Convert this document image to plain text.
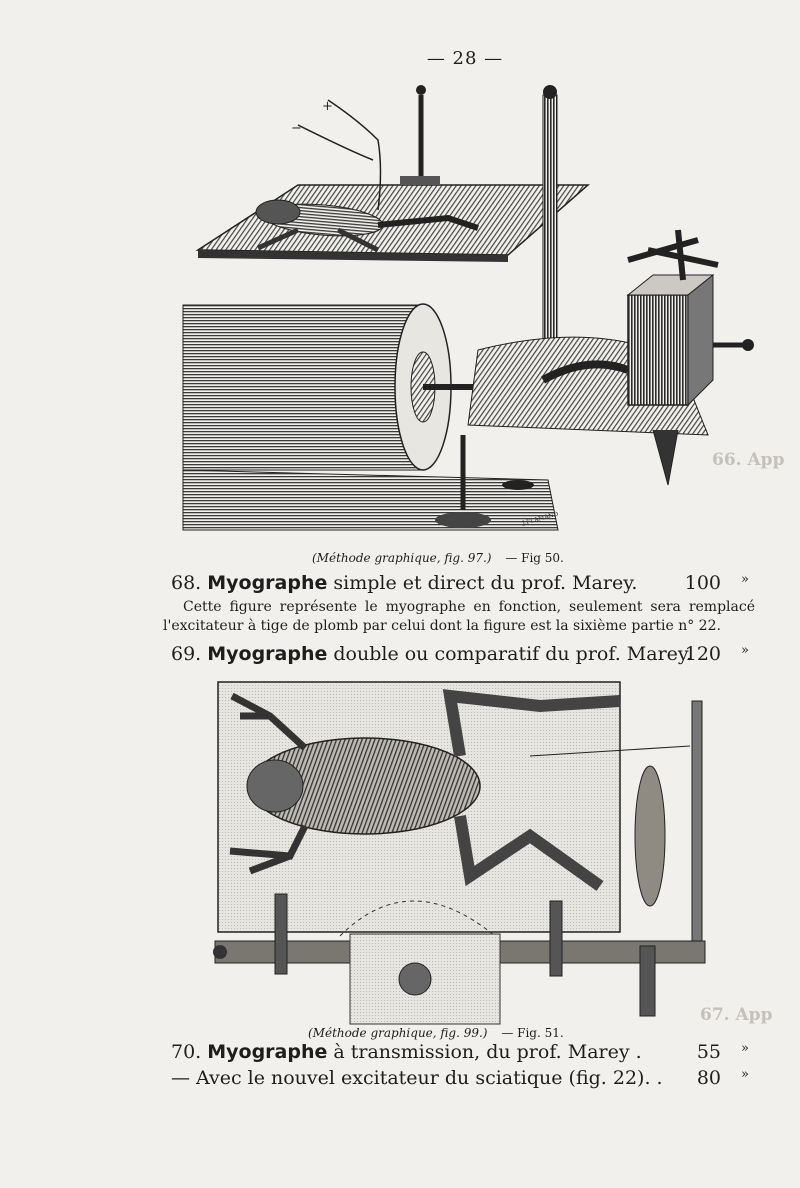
— 28 —
66. App
67. App
+
−
J.FLAMAND
(Méthode graphique, fig. 97.) — Fig 50.
68. Myographe simple et direct du prof. Marey. 100 »

Cette figure représente le myographe en fonction, seulement sera remplacé l'excitateur à tige de plomb par celui dont la figure est la sixième partie n° 22.

69. Myographe double ou comparatif du prof. Marey.
120 »
(Méthode graphique, fig. 99.) — Fig. 51.
70. Myographe à transmission, du prof. Marey .	55 »
— Avec le nouvel excitateur du sciatique (fig. 22). . 80 »
